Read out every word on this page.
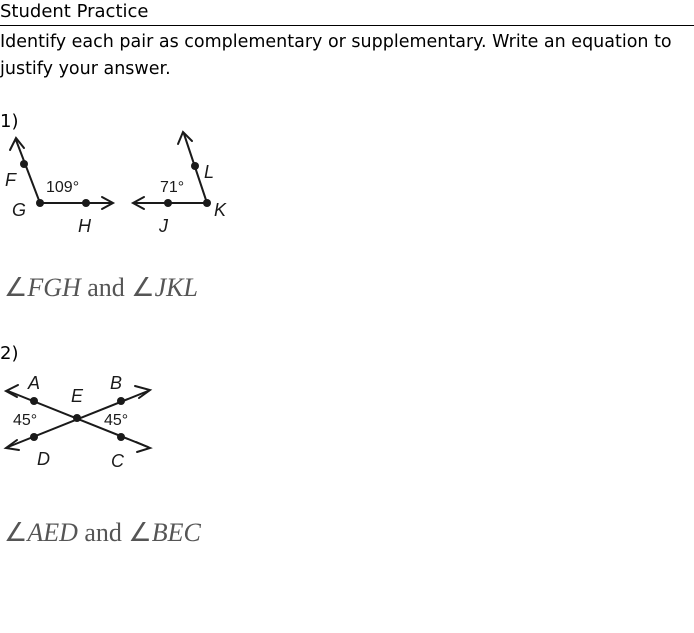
Student Practice
Identify each pair as complementary or supplementary. Write an equation to justify your answer.
1)
F
G
H
109°
L
J
K
71°
∠FGH and ∠JKL
2)
A	B
E
D	C
45°	45°
∠AED and ∠BEC
